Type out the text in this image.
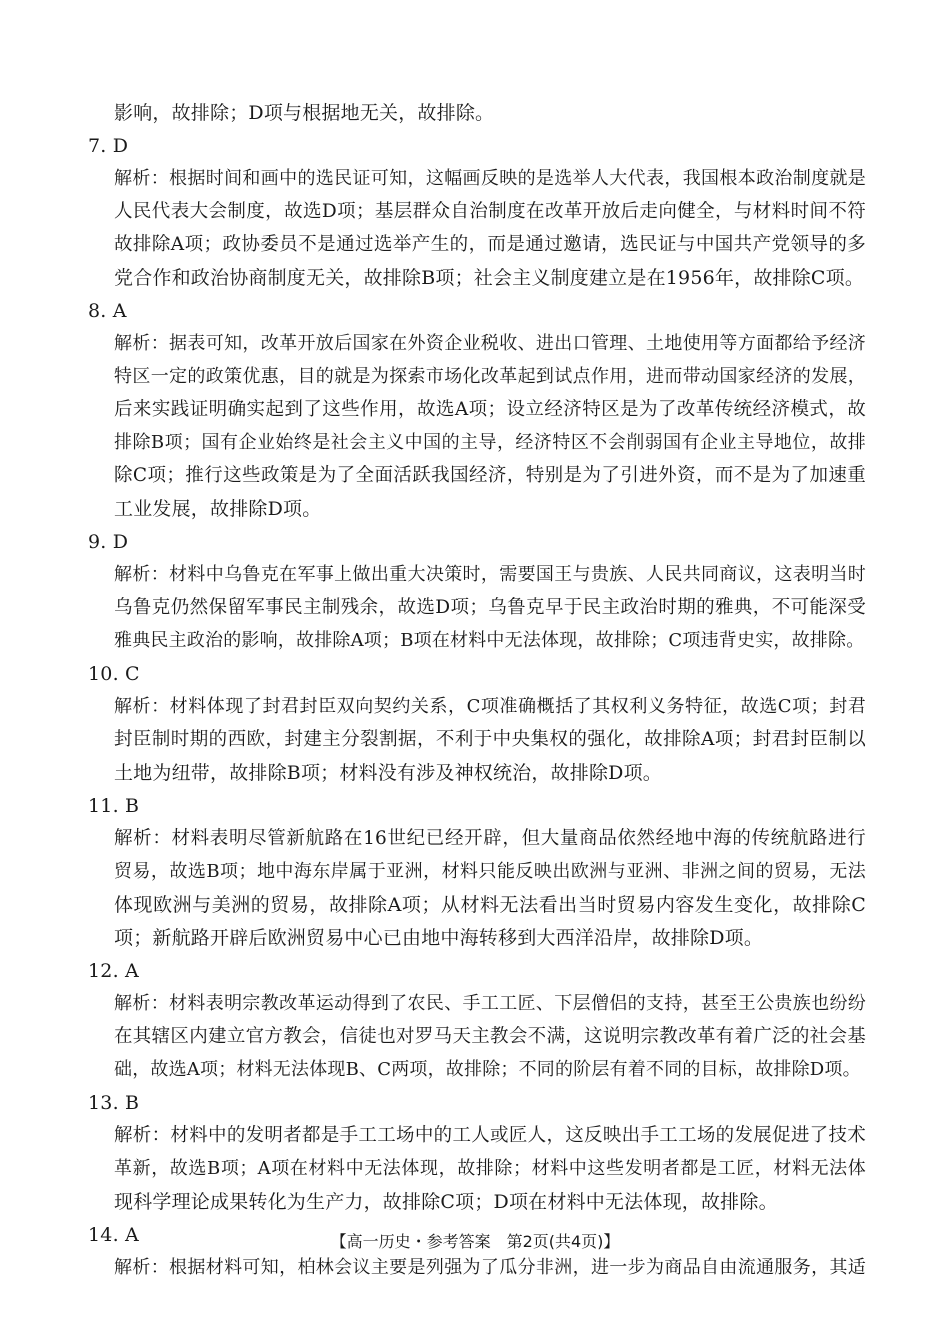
影响，故排除；D项与根据地无关，故排除。
7. D
解析：根据时间和画中的选民证可知，这幅画反映的是选举人大代表，我国根本政治制度就是
人民代表大会制度，故选D项；基层群众自治制度在改革开放后走向健全，与材料时间不符
故排除A项；政协委员不是通过选举产生的，而是通过邀请，选民证与中国共产党领导的多
党合作和政治协商制度无关，故排除B项；社会主义制度建立是在1956年，故排除C项。
8. A
解析：据表可知，改革开放后国家在外资企业税收、进出口管理、土地使用等方面都给予经济
特区一定的政策优惠，目的就是为探索市场化改革起到试点作用，进而带动国家经济的发展，
后来实践证明确实起到了这些作用，故选A项；设立经济特区是为了改革传统经济模式，故
排除B项；国有企业始终是社会主义中国的主导，经济特区不会削弱国有企业主导地位，故排
除C项；推行这些政策是为了全面活跃我国经济，特别是为了引进外资，而不是为了加速重
工业发展，故排除D项。
9. D
解析：材料中乌鲁克在军事上做出重大决策时，需要国王与贵族、人民共同商议，这表明当时
乌鲁克仍然保留军事民主制残余，故选D项；乌鲁克早于民主政治时期的雅典，不可能深受
雅典民主政治的影响，故排除A项；B项在材料中无法体现，故排除；C项违背史实，故排除。
10. C
解析：材料体现了封君封臣双向契约关系，C项准确概括了其权利义务特征，故选C项；封君
封臣制时期的西欧，封建主分裂割据，不利于中央集权的强化，故排除A项；封君封臣制以
土地为纽带，故排除B项；材料没有涉及神权统治，故排除D项。
11. B
解析：材料表明尽管新航路在16世纪已经开辟，但大量商品依然经地中海的传统航路进行
贸易，故选B项；地中海东岸属于亚洲，材料只能反映出欧洲与亚洲、非洲之间的贸易，无法
体现欧洲与美洲的贸易，故排除A项；从材料无法看出当时贸易内容发生变化，故排除C
项；新航路开辟后欧洲贸易中心已由地中海转移到大西洋沿岸，故排除D项。
12. A
解析：材料表明宗教改革运动得到了农民、手工工匠、下层僧侣的支持，甚至王公贵族也纷纷
在其辖区内建立官方教会，信徒也对罗马天主教会不满，这说明宗教改革有着广泛的社会基
础，故选A项；材料无法体现B、C两项，故排除；不同的阶层有着不同的目标，故排除D项。
13. B
解析：材料中的发明者都是手工工场中的工人或匠人，这反映出手工工场的发展促进了技术
革新，故选B项；A项在材料中无法体现，故排除；材料中这些发明者都是工匠，材料无法体
现科学理论成果转化为生产力，故排除C项；D项在材料中无法体现，故排除。
14. A
解析：根据材料可知，柏林会议主要是列强为了瓜分非洲，进一步为商品自由流通服务，其适
【高一历史・参考答案　第2页(共4页)】
